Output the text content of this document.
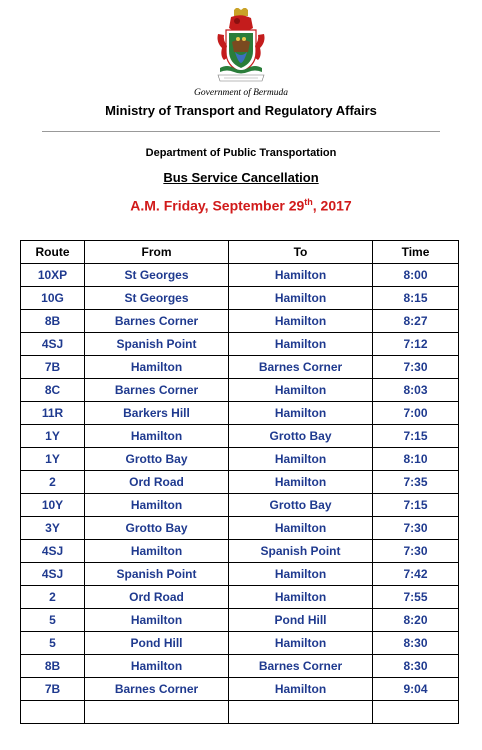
Government of Bermuda
Ministry of Transport and Regulatory Affairs
Department of Public Transportation
Bus Service Cancellation
A.M. Friday, September 29th, 2017
Route	From	To	Time
10XP	St Georges	Hamilton	8:00
10G	St Georges	Hamilton	8:15
8B	Barnes Corner	Hamilton	8:27
4SJ	Spanish Point	Hamilton	7:12
7B	Hamilton	Barnes Corner	7:30
8C	Barnes Corner	Hamilton	8:03
11R	Barkers Hill	Hamilton	7:00
1Y	Hamilton	Grotto Bay	7:15
1Y	Grotto Bay	Hamilton	8:10
2	Ord Road	Hamilton	7:35
10Y	Hamilton	Grotto Bay	7:15
3Y	Grotto Bay	Hamilton	7:30
4SJ	Hamilton	Spanish Point	7:30
4SJ	Spanish Point	Hamilton	7:42
2	Ord Road	Hamilton	7:55
5	Hamilton	Pond Hill	8:20
5	Pond Hill	Hamilton	8:30
8B	Hamilton	Barnes Corner	8:30
7B	Barnes Corner	Hamilton	9:04
